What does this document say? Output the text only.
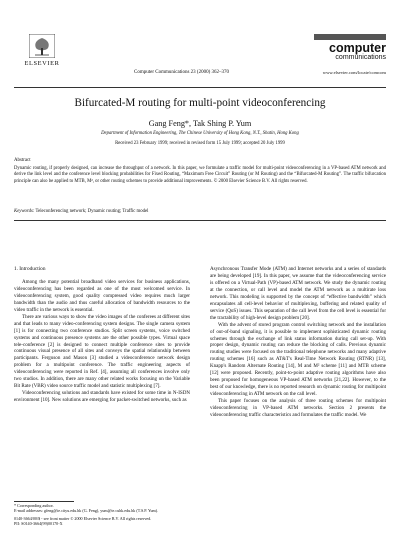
ELSEVIER
Computer Communications 23 (2000) 362–370
computer
communications
www.elsevier.com/locate/comcom
Bifurcated-M routing for multi-point videoconferencing
Gang Feng*, Tak Shing P. Yum
Department of Information Engineering, The Chinese University of Hong Kong, N.T., Shatin, Hong Kong
Received 23 February 1999; received in revised form 15 July 1999; accepted 20 July 1999
Abstract
Dynamic routing, if properly designed, can increase the throughput of a network. In this paper, we formulate a traffic model for multi-point videoconferencing in a VP-based ATM network and derive the link level and the conference level blocking probabilities for Fixed Routing, “Maximum Free Circuit” Routing (or M Routing) and the “Bifurcated-M Routing”. The traffic bifurcation principle can also be applied to MTB, M², or other routing schemes to provide additional improvements. © 2000 Elsevier Science B.V. All rights reserved.
Keywords: Teleconferencing network; Dynamic routing; Traffic model
1. Introduction

Among the many potential broadband video services for business applications, videoconferencing has been regarded as one of the most welcomed service. In videoconferencing system, good quality compressed video requires much larger bandwidth than the audio and thus careful allocation of bandwidth resources to the video traffic in the network is essential.

There are various ways to show the video images of the conferees at different sites and that leads to many video-conferencing system designs. The single camera system [1] is for connecting two conference studios. Split screen systems, voice switched systems and continuous presence systems are the other possible types. Virtual space tele-conference [2] is designed to connect multiple conference sites to provide continuous visual presence of all sites and conveys the spatial relationship between participants. Ferguson and Mason [3] studied a videoconference network design problem for a multipoint conference. The traffic engineering aspects of videoconferencing were reported in Ref. [4], assuming all conferences involve only two studios. In addition, there are many other related works focusing on the Variable Bit Rate (VBR) video source traffic model and statistic multiplexing [7].

Videoconferencing solutions and standards have existed for some time in N-ISDN environment [10]. New solutions are emerging for packet-switched networks, such as

Asynchronous Transfer Mode (ATM) and Internet networks and a series of standards are being developed [19]. In this paper, we assume that the videoconferencing service is offered on a Virtual-Path (VP)-based ATM network. We study the dynamic routing at the connection, or call level and model the ATM network as a multirate loss network. This modeling is supported by the concept of “effective bandwidth” which encapsulates all cell-level behavior of multiplexing, buffering and related quality of service (QoS) issues. This separation of the call level from the cell level is essential for the tractability of high-level design problem [20].

With the advent of stored program control switching network and the installation of out-of-band signaling, it is possible to implement sophisticated dynamic routing schemes through the exchange of link status information during call set-up. With proper design, dynamic routing can reduce the blocking of calls. Previous dynamic routing studies were focused on the traditional telephone networks and many adaptive routing schemes [16] such as AT&T's Real-Time Network Routing (RTNR) [13], Knapp's Random Alternate Routing [14], M and M² scheme [11] and MTB scheme [12] were proposed. Recently, point-to-point adaptive routing algorithms have also been proposed for homogeneous VP-based ATM networks [21,22]. However, to the best of our knowledge, there is no reported research on dynamic routing for multipoint videoconferencing in ATM network on the call level.

This paper focuses on the analysis of three routing schemes for multipoint videoconferencing in VP-based ATM networks. Section 2 presents the videoconferencing traffic characteristics and formulates the traffic model. We

* Corresponding author.
E-mail addresses: gfeng@ie.cityu.edu.hk (G. Feng), yum@ie.cuhk.edu.hk (T.S.P. Yum).
0140-3664/00/$ - see front matter © 2000 Elsevier Science B.V. All rights reserved.
PII: S0140-3664(99)00170-X
